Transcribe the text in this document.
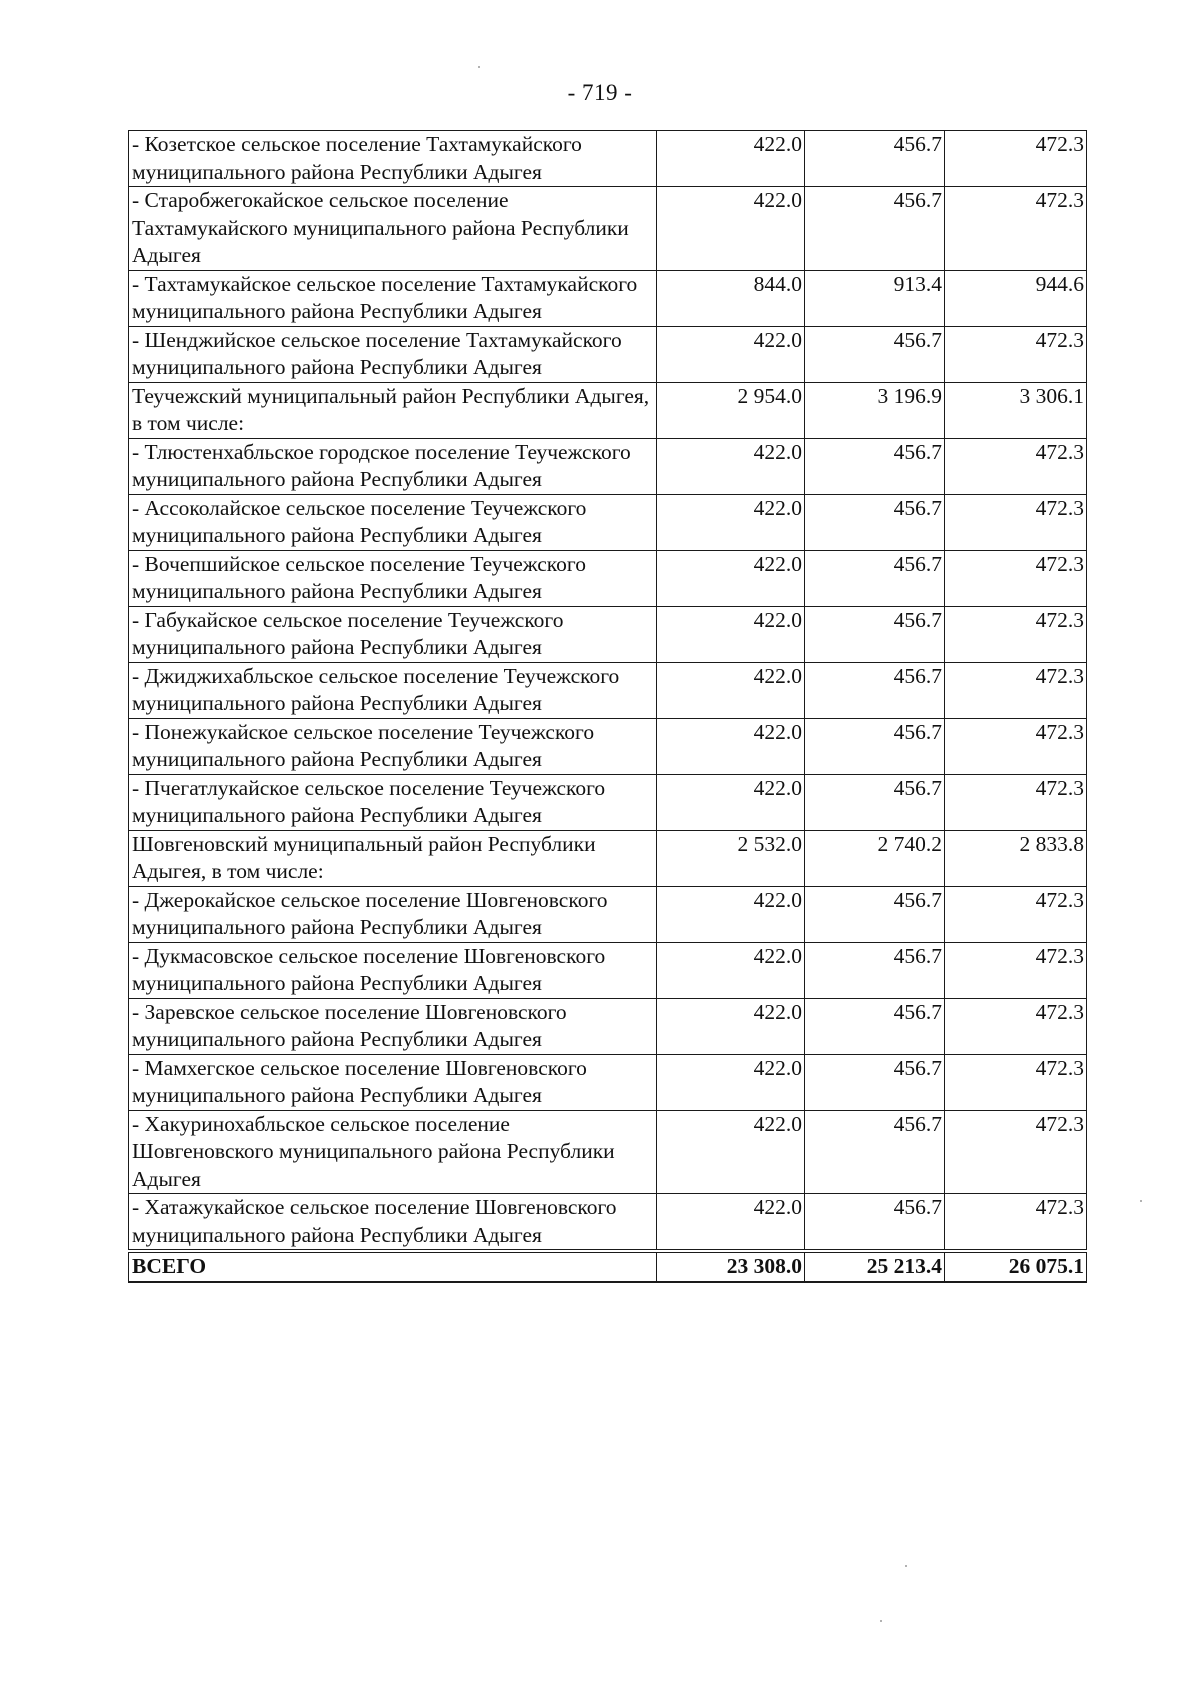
- 719 -
- Козетское сельское поселение Тахтамукайского муниципального района Республики Адыгея	422.0	456.7	472.3
- Старобжегокайское сельское поселение Тахтамукайского муниципального района Республики Адыгея	422.0	456.7	472.3
- Тахтамукайское сельское поселение Тахтамукайского муниципального района Республики Адыгея	844.0	913.4	944.6
- Шенджийское сельское поселение Тахтамукайского муниципального района Республики Адыгея	422.0	456.7	472.3
Теучежский муниципальный район Республики Адыгея, в том числе:	2 954.0	3 196.9	3 306.1
- Тлюстенхабльское городское поселение Теучежского муниципального района Республики Адыгея	422.0	456.7	472.3
- Ассоколайское сельское поселение Теучежского муниципального района Республики Адыгея	422.0	456.7	472.3
- Вочепшийское сельское поселение Теучежского муниципального района Республики Адыгея	422.0	456.7	472.3
- Габукайское сельское поселение Теучежского муниципального района Республики Адыгея	422.0	456.7	472.3
- Джиджихабльское сельское поселение Теучежского муниципального района Республики Адыгея	422.0	456.7	472.3
- Понежукайское сельское поселение Теучежского муниципального района Республики Адыгея	422.0	456.7	472.3
- Пчегатлукайское сельское поселение Теучежского муниципального района Республики Адыгея	422.0	456.7	472.3
Шовгеновский муниципальный район Республики Адыгея, в том числе:	2 532.0	2 740.2	2 833.8
- Джерокайское сельское поселение Шовгеновского муниципального района Республики Адыгея	422.0	456.7	472.3
- Дукмасовское сельское поселение Шовгеновского муниципального района Республики Адыгея	422.0	456.7	472.3
- Заревское сельское поселение Шовгеновского муниципального района Республики Адыгея	422.0	456.7	472.3
- Мамхегское сельское поселение Шовгеновского муниципального района Республики Адыгея	422.0	456.7	472.3
- Хакуринохабльское сельское поселение Шовгеновского муниципального района Республики Адыгея	422.0	456.7	472.3
- Хатажукайское сельское поселение Шовгеновского муниципального района Республики Адыгея	422.0	456.7	472.3
ВСЕГО	23 308.0	25 213.4	26 075.1
